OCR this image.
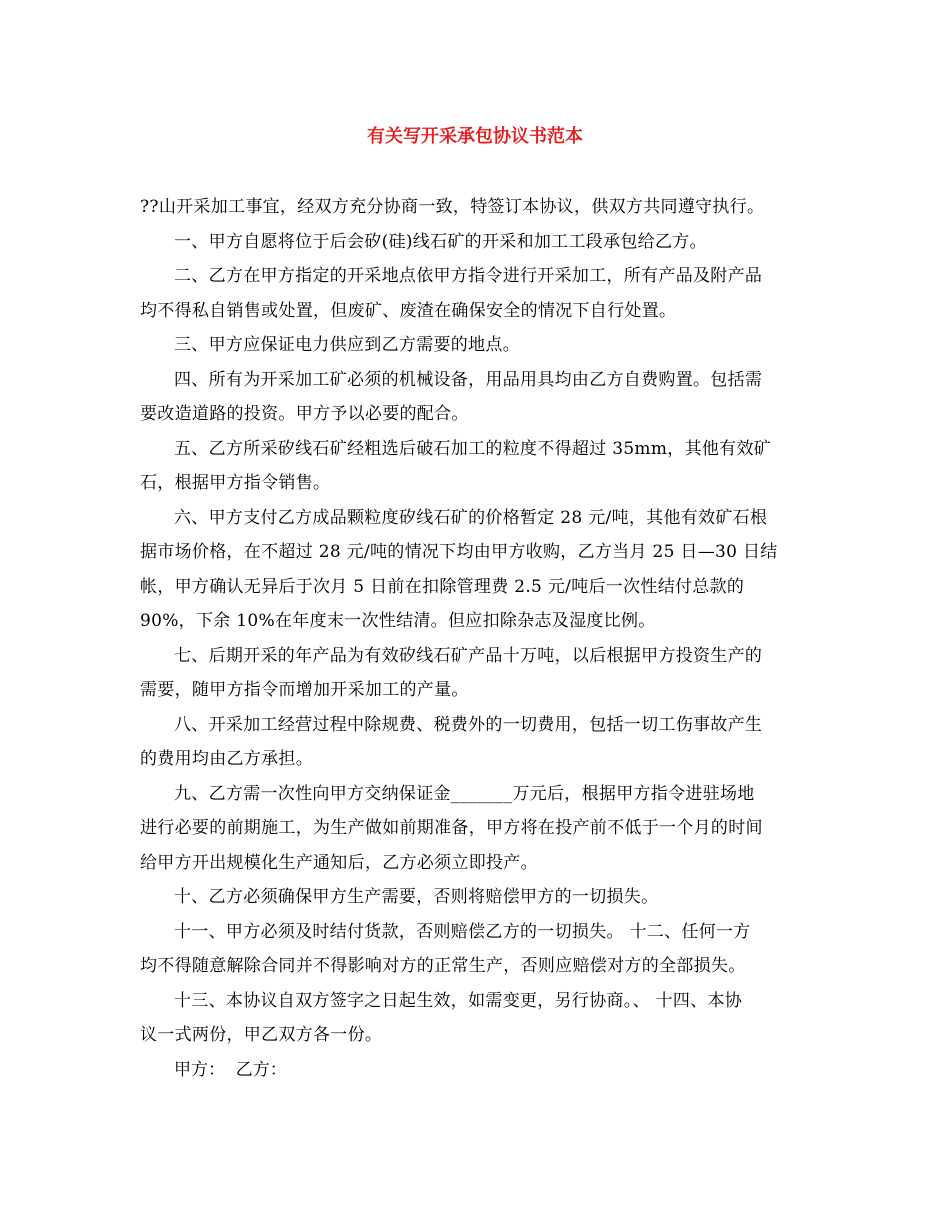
有关写开采承包协议书范本
??山开采加工事宜，经双方充分协商一致，特签订本协议，供双方共同遵守执行。
一、甲方自愿将位于后会矽(硅)线石矿的开采和加工工段承包给乙方。
二、乙方在甲方指定的开采地点依甲方指令进行开采加工，所有产品及附产品
均不得私自销售或处置，但废矿、废渣在确保安全的情况下自行处置。
三、甲方应保证电力供应到乙方需要的地点。
四、所有为开采加工矿必须的机械设备，用品用具均由乙方自费购置。包括需
要改造道路的投资。甲方予以必要的配合。
五、乙方所采矽线石矿经粗选后破石加工的粒度不得超过 35mm，其他有效矿
石，根据甲方指令销售。
六、甲方支付乙方成品颗粒度矽线石矿的价格暂定 28 元/吨，其他有效矿石根
据市场价格，在不超过 28 元/吨的情况下均由甲方收购，乙方当月 25 日—30 日结
帐，甲方确认无异后于次月 5 日前在扣除管理费 2.5 元/吨后一次性结付总款的
90%，下余 10%在年度末一次性结清。但应扣除杂志及湿度比例。
七、后期开采的年产品为有效矽线石矿产品十万吨，以后根据甲方投资生产的
需要，随甲方指令而增加开采加工的产量。
八、开采加工经营过程中除规费、税费外的一切费用，包括一切工伤事故产生
的费用均由乙方承担。
九、乙方需一次性向甲方交纳保证金_______万元后，根据甲方指令进驻场地
进行必要的前期施工，为生产做如前期准备，甲方将在投产前不低于一个月的时间
给甲方开出规模化生产通知后，乙方必须立即投产。
十、乙方必须确保甲方生产需要，否则将赔偿甲方的一切损失。
十一、甲方必须及时结付货款，否则赔偿乙方的一切损失。 十二、任何一方
均不得随意解除合同并不得影响对方的正常生产，否则应赔偿对方的全部损失。
十三、本协议自双方签字之日起生效，如需变更，另行协商。、 十四、本协
议一式两份，甲乙双方各一份。
甲方：  乙方：
